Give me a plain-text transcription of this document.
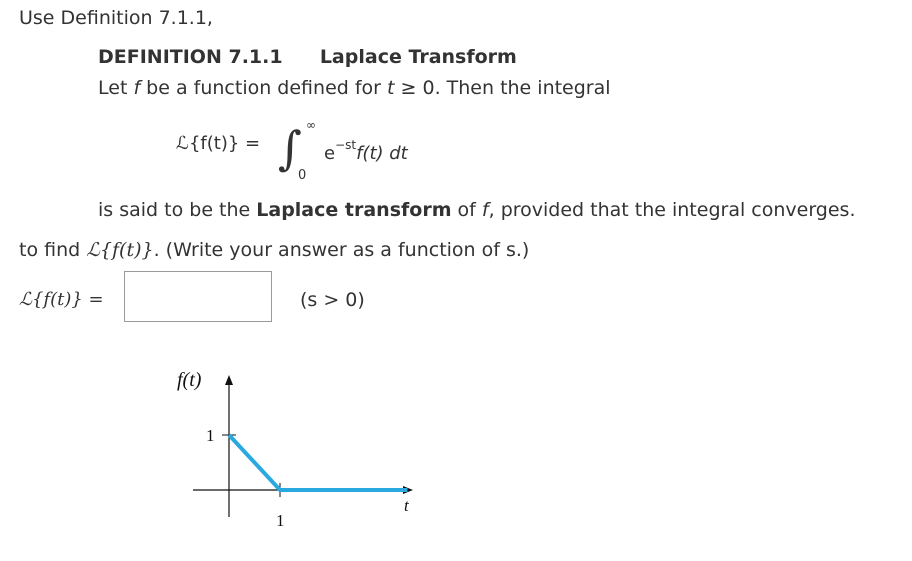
Use Definition 7.1.1,
DEFINITION 7.1.1 Laplace Transform
Let f be a function defined for t ≥ 0. Then the integral
ℒ{f(t)} = ∫ ∞
0
$e^{-st}f(t)$ dt
is said to be the Laplace transform of f, provided that the integral converges.
to find ℒ{f(t)}. (Write your answer as a function of s.)
ℒ{f(t)} =	(s > 0)
f(t)
1
1
t
